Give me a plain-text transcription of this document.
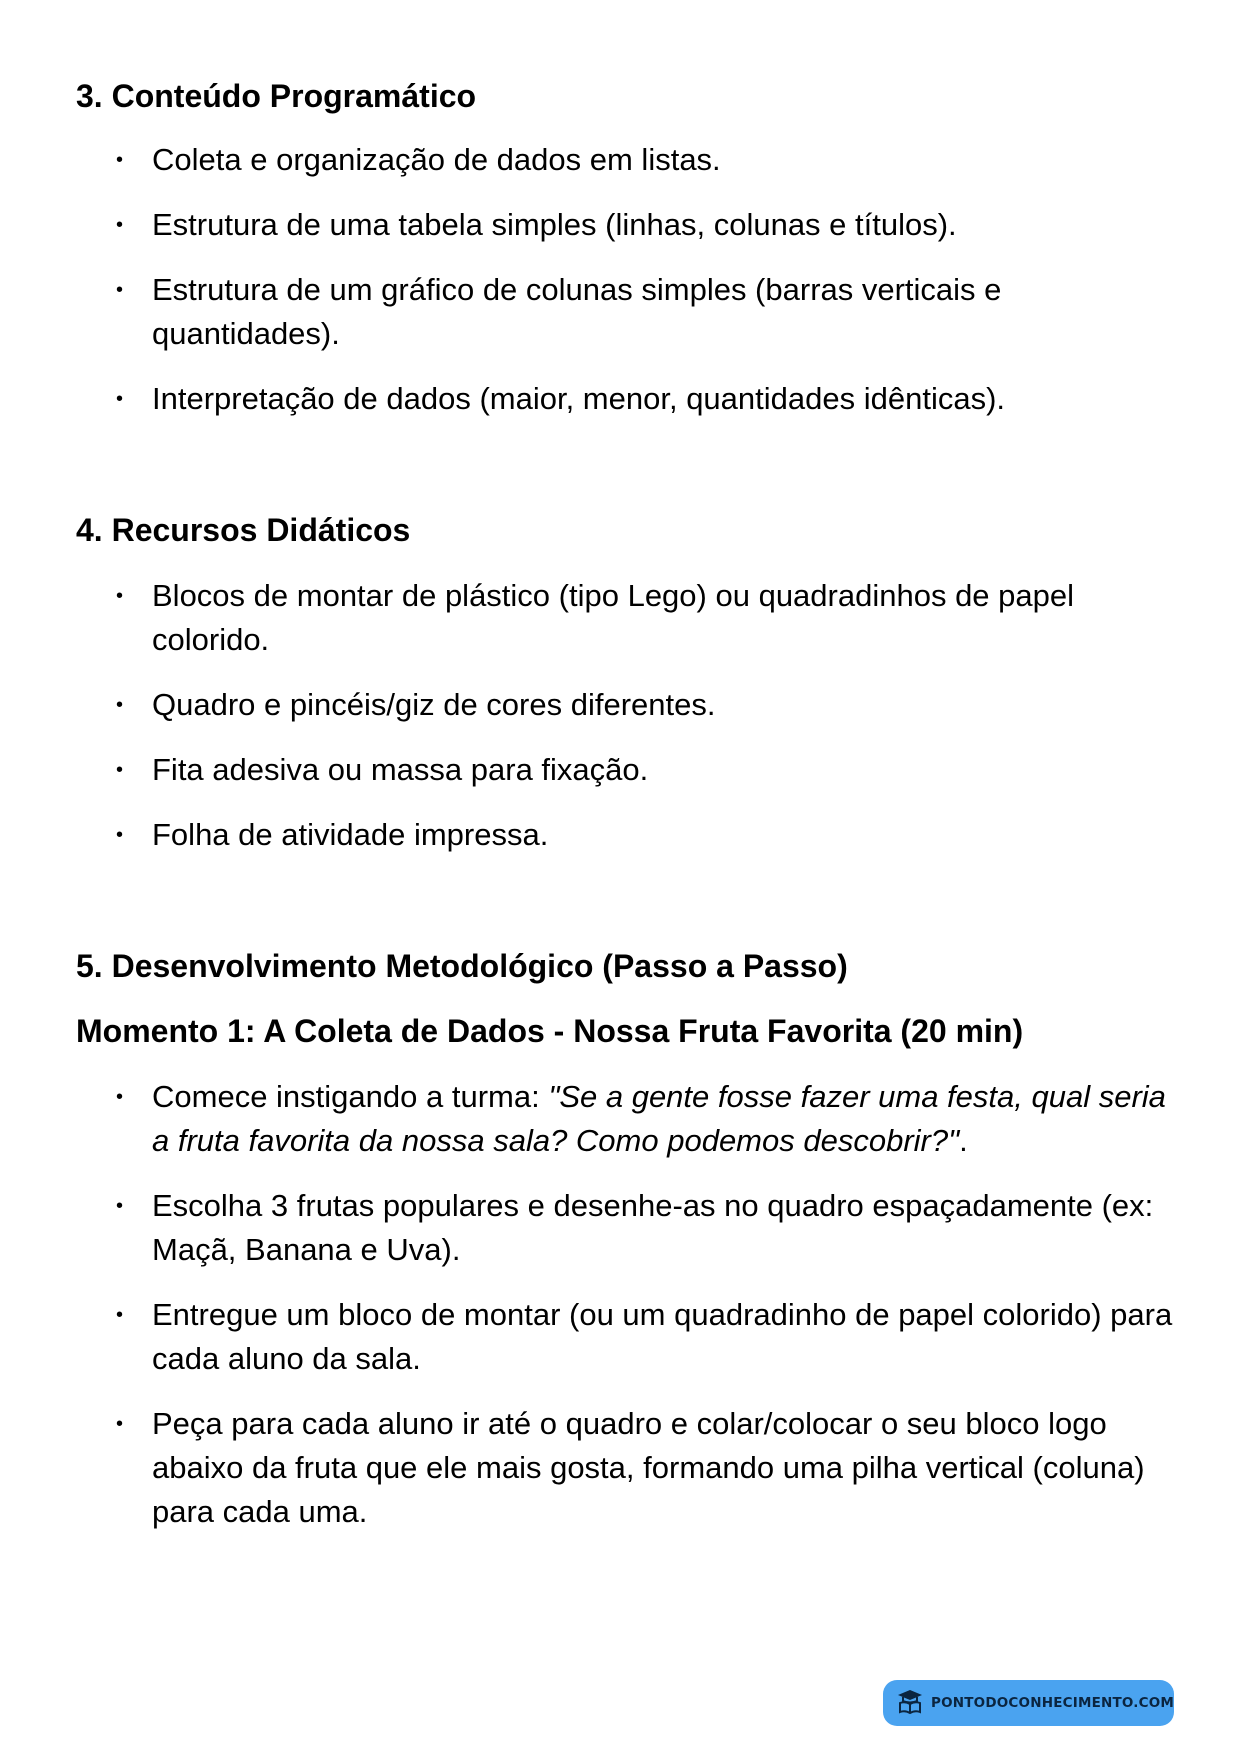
3. Conteúdo Programático
• Coleta e organização de dados em listas.
• Estrutura de uma tabela simples (linhas, colunas e títulos).
• Estrutura de um gráfico de colunas simples (barras verticais e quantidades).
• Interpretação de dados (maior, menor, quantidades idênticas).
4. Recursos Didáticos
• Blocos de montar de plástico (tipo Lego) ou quadradinhos de papel colorido.
• Quadro e pincéis/giz de cores diferentes.
• Fita adesiva ou massa para fixação.
• Folha de atividade impressa.
5. Desenvolvimento Metodológico (Passo a Passo)
Momento 1: A Coleta de Dados - Nossa Fruta Favorita (20 min)
• Comece instigando a turma: "Se a gente fosse fazer uma festa, qual seria a fruta favorita da nossa sala? Como podemos descobrir?".
• Escolha 3 frutas populares e desenhe-as no quadro espaçadamente (ex: Maçã, Banana e Uva).
• Entregue um bloco de montar (ou um quadradinho de papel colorido) para cada aluno da sala.
• Peça para cada aluno ir até o quadro e colar/colocar o seu bloco logo abaixo da fruta que ele mais gosta, formando uma pilha vertical (coluna) para cada uma.
PONTODOCONHECIMENTO.COM
